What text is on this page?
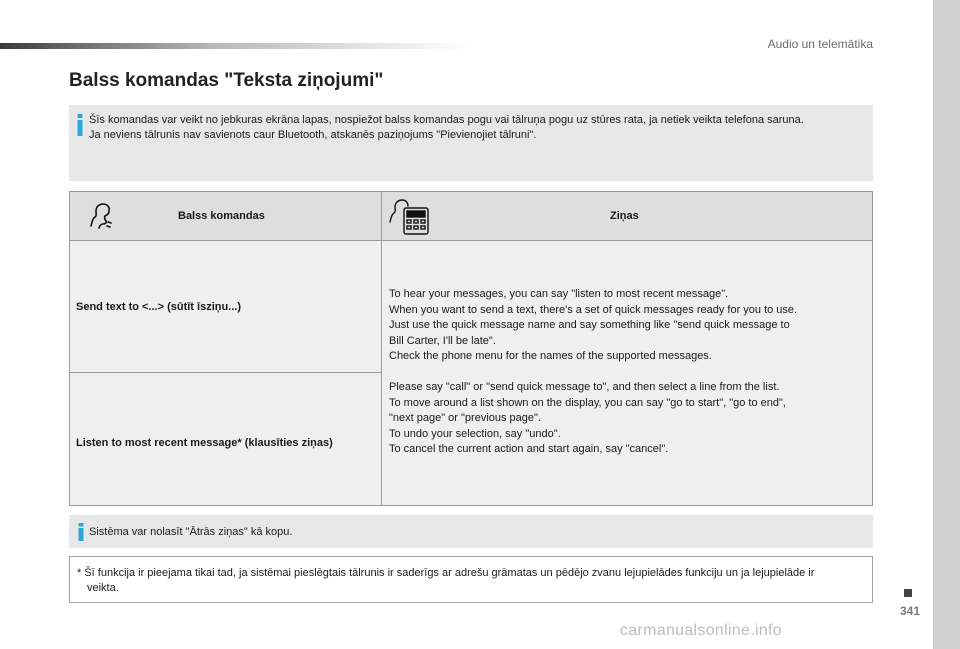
Audio un telemātika
Balss komandas "Teksta ziņojumi"

Šīs komandas var veikt no jebkuras ekrāna lapas, nospiežot balss komandas pogu vai tālruņa pogu uz stūres rata, ja netiek veikta telefona saruna.
Ja neviens tālrunis nav savienots caur Bluetooth, atskanēs paziņojums "Pievienojiet tālruni".

Balss komandas	Ziņas
Send text to <...> (sūtīt īsziņu...)
Listen to most recent message* (klausīties ziņas)

To hear your messages, you can say "listen to most recent message".
When you want to send a text, there's a set of quick messages ready for you to use.
Just use the quick message name and say something like "send quick message to
Bill Carter, I'll be late".
Check the phone menu for the names of the supported messages.

Please say "call" or "send quick message to", and then select a line from the list.
To move around a list shown on the display, you can say "go to start", "go to end",
"next page" or "previous page".
To undo your selection, say "undo".
To cancel the current action and start again, say "cancel".

Sistēma var nolasīt "Ātrās ziņas" kā kopu.

* Šī funkcija ir pieejama tikai tad, ja sistēmai pieslēgtais tālrunis ir saderīgs ar adrešu grāmatas un pēdējo zvanu lejupielādes funkciju un ja lejupielāde ir veikta.

341
carmanualsonline.info
